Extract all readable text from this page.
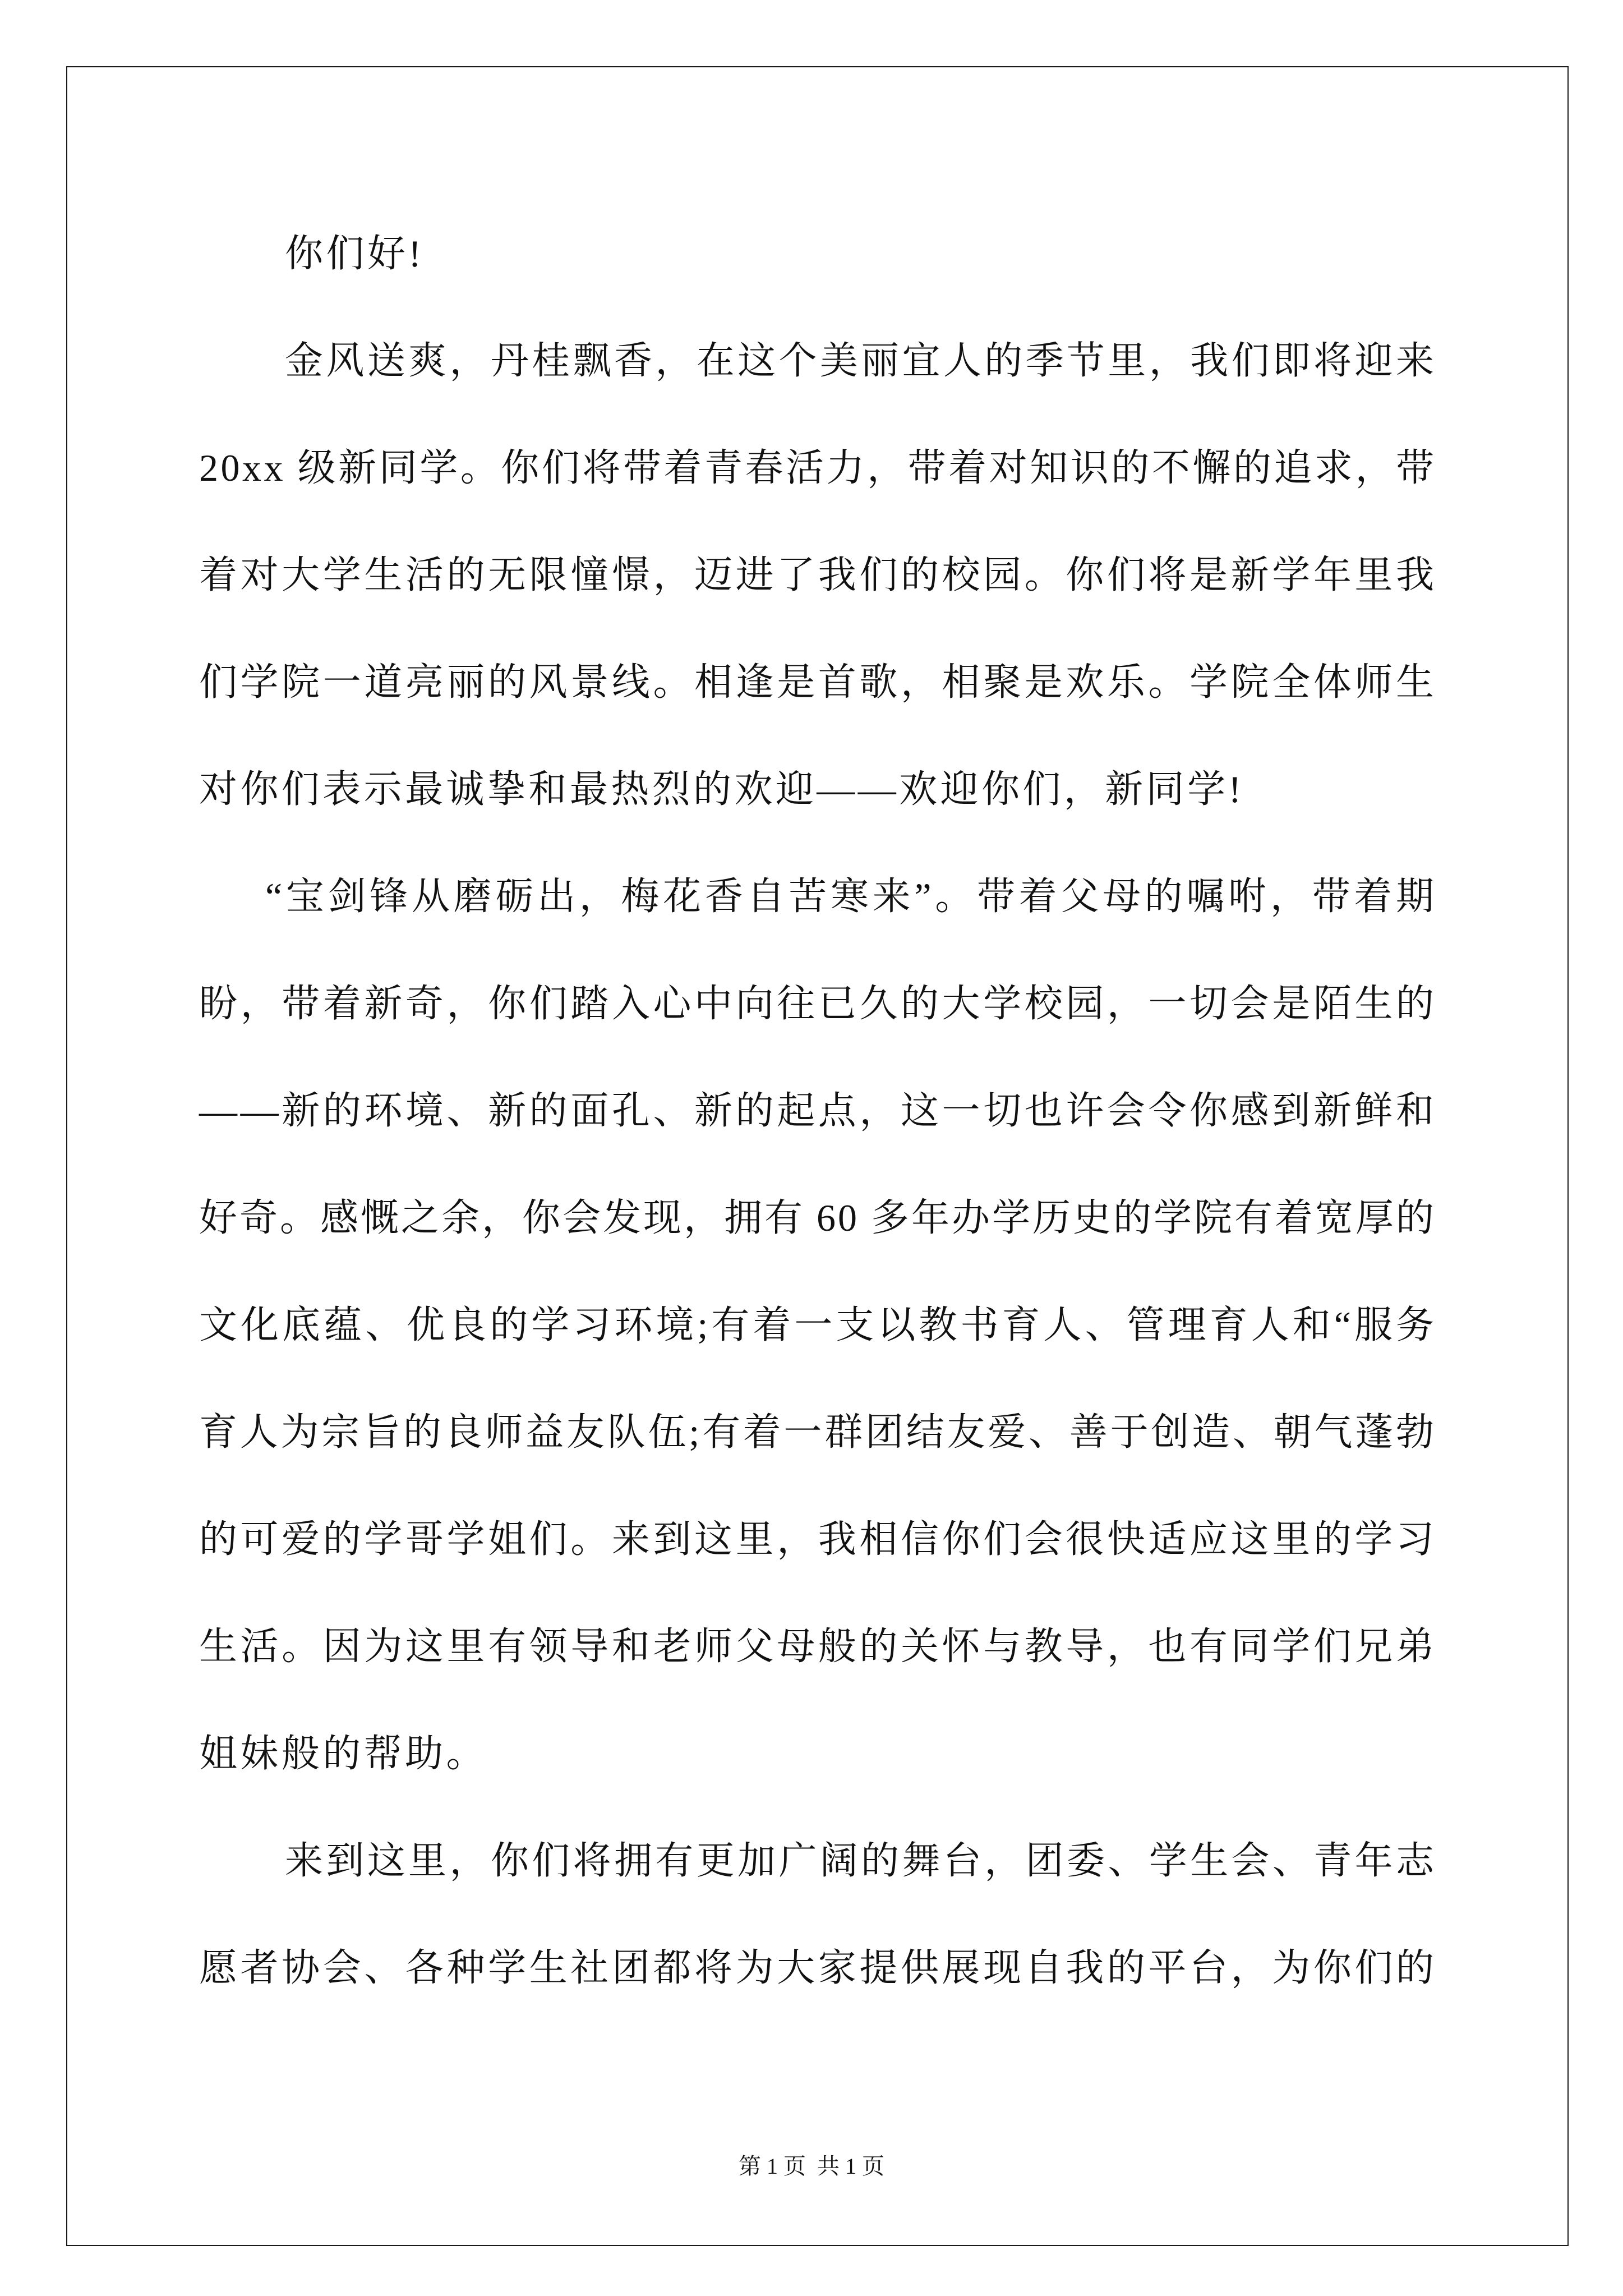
你们好!
金风送爽，丹桂飘香，在这个美丽宜人的季节里，我们即将迎来
20xx 级新同学。你们将带着青春活力，带着对知识的不懈的追求，带
着对大学生活的无限憧憬，迈进了我们的校园。你们将是新学年里我
们学院一道亮丽的风景线。相逢是首歌，相聚是欢乐。学院全体师生
对你们表示最诚挚和最热烈的欢迎——欢迎你们，新同学!
“宝剑锋从磨砺出，梅花香自苦寒来”。带着父母的嘱咐，带着期
盼，带着新奇，你们踏入心中向往已久的大学校园，一切会是陌生的
——新的环境、新的面孔、新的起点，这一切也许会令你感到新鲜和
好奇。感慨之余，你会发现，拥有 60 多年办学历史的学院有着宽厚的
文化底蕴、优良的学习环境;有着一支以教书育人、管理育人和“服务
育人为宗旨的良师益友队伍;有着一群团结友爱、善于创造、朝气蓬勃
的可爱的学哥学姐们。来到这里，我相信你们会很快适应这里的学习
生活。因为这里有领导和老师父母般的关怀与教导，也有同学们兄弟
姐妹般的帮助。
来到这里，你们将拥有更加广阔的舞台，团委、学生会、青年志
愿者协会、各种学生社团都将为大家提供展现自我的平台，为你们的
第 1 页  共 1 页
